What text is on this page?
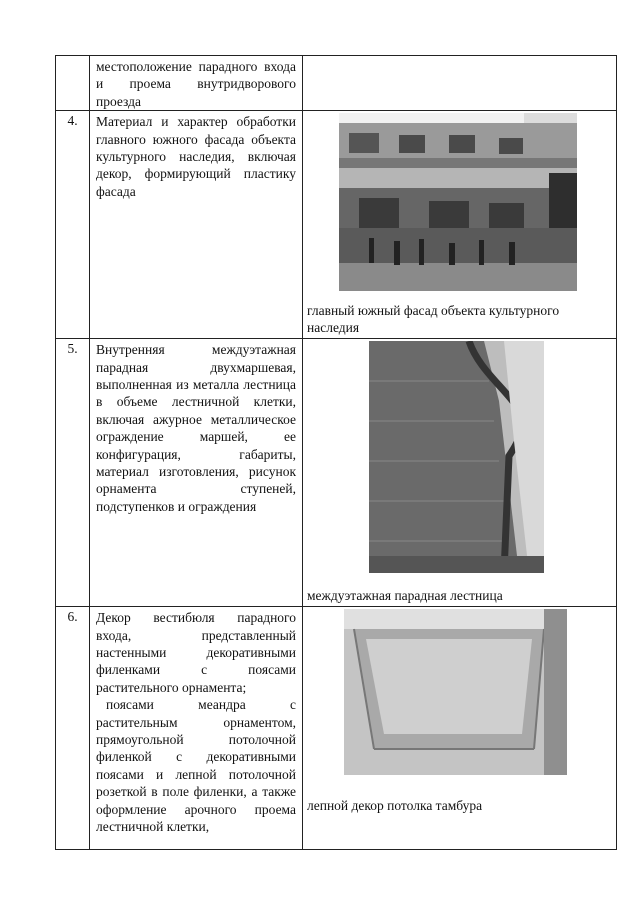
	местоположение парадного входа и проема внутридворового проезда	
4.	Материал и характер обработки главного южного фасада объекта культурного наследия, включая декор, формирующий пластику фасада	главный южный фасад объекта культурного наследия

5.	Внутренняя междуэтажная парадная двухмаршевая, выполненная из металла лестница в объеме лестничной клетки, включая ажурное металлическое ограждение маршей, ее конфигурация, габариты, материал изготовления, рисунок орнамента ступеней, подступенков и ограждения	междуэтажная парадная лестница

6.	Декор вестибюля парадного входа, представленный настенными декоративными филенками с поясами растительного орнамента;

поясами меандра с растительным орнаментом, прямоугольной потолочной филенкой с декоративными поясами и лепной потолочной розеткой в поле филенки, а также оформление арочного проема лестничной клетки,	лепной декор потолка тамбура
